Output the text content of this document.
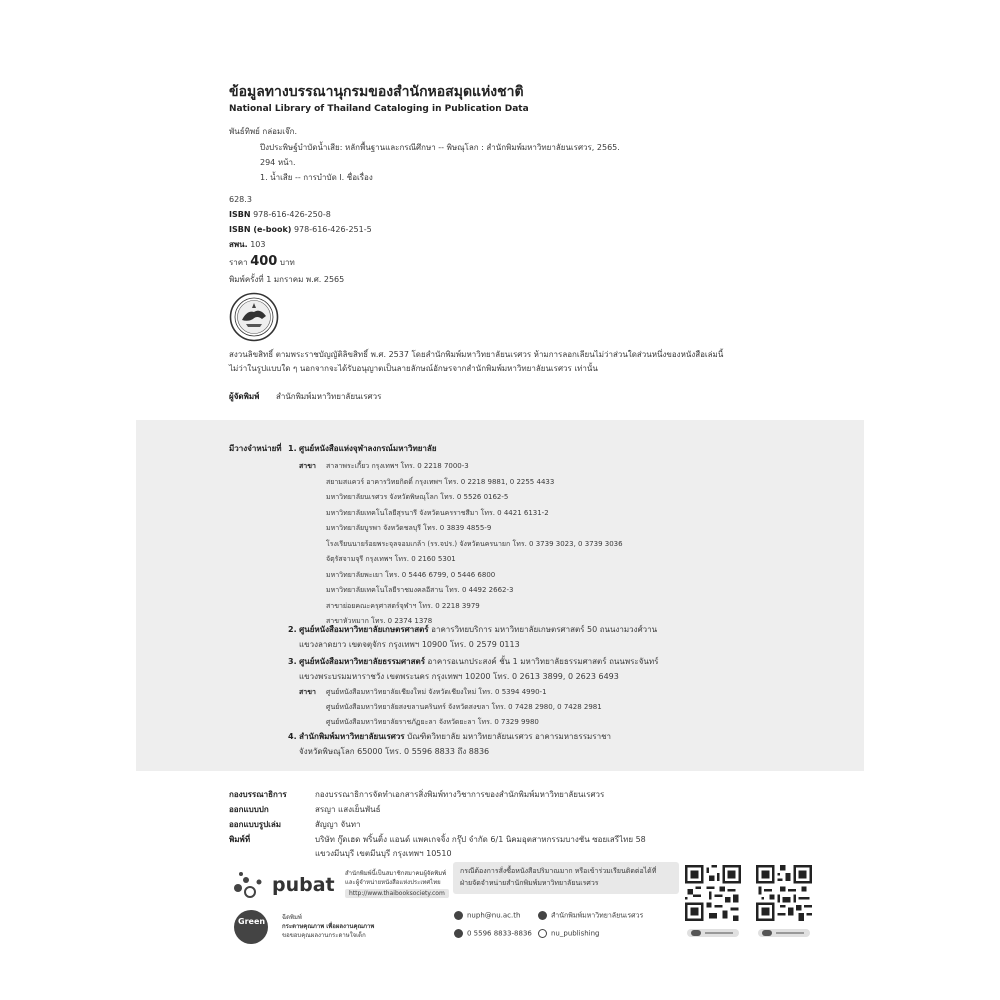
ข้อมูลทางบรรณานุกรมของสำนักหอสมุดแห่งชาติ
National Library of Thailand Cataloging in Publication Data
พันธ์ทิพย์ กล่อมเจ๊ก.
ปีงประพิษฐ์บำบัดน้ำเสีย: หลักพื้นฐานและกรณีศึกษา -- พิษณุโลก : สำนักพิมพ์มหาวิทยาลัยนเรศวร, 2565.
294 หน้า.
1. น้ำเสีย -- การบำบัด I. ชื่อเรื่อง
628.3
ISBN 978-616-426-250-8
ISBN (e-book) 978-616-426-251-5
สพน. 103
ราคา 400 บาท
พิมพ์ครั้งที่ 1 มกราคม พ.ศ. 2565
สงวนลิขสิทธิ์ ตามพระราชบัญญัติลิขสิทธิ์ พ.ศ. 2537 โดยสำนักพิมพ์มหาวิทยาลัยนเรศวร ห้ามการลอกเลียนไม่ว่าส่วนใดส่วนหนึ่งของหนังสือเล่มนี้
ไม่ว่าในรูปแบบใด ๆ นอกจากจะได้รับอนุญาตเป็นลายลักษณ์อักษรจากสำนักพิมพ์มหาวิทยาลัยนเรศวร เท่านั้น
ผู้จัดพิมพ์ สำนักพิมพ์มหาวิทยาลัยนเรศวร
มีวางจำหน่ายที่ 1. ศูนย์หนังสือแห่งจุฬาลงกรณ์มหาวิทยาลัย
สาขา สาลาพระเกี้ยว กรุงเทพฯ โทร. 0 2218 7000-3
สยามสแควร์ อาคารวิทยกิตติ์ กรุงเทพฯ โทร. 0 2218 9881, 0 2255 4433
มหาวิทยาลัยนเรศวร จังหวัดพิษณุโลก โทร. 0 5526 0162-5
มหาวิทยาลัยเทคโนโลยีสุรนารี จังหวัดนครราชสีมา โทร. 0 4421 6131-2
มหาวิทยาลัยบูรพา จังหวัดชลบุรี โทร. 0 3839 4855-9
โรงเรียนนายร้อยพระจุลจอมเกล้า (รร.จปร.) จังหวัดนครนายก โทร. 0 3739 3023, 0 3739 3036
จัตุรัสจามจุรี กรุงเทพฯ โทร. 0 2160 5301
มหาวิทยาลัยพะเยา โทร. 0 5446 6799, 0 5446 6800
มหาวิทยาลัยเทคโนโลยีราชมงคลอีสาน โทร. 0 4492 2662-3
สาขาย่อยคณะครุศาสตร์จุฬาฯ โทร. 0 2218 3979
สาขาหัวหมาก โทร. 0 2374 1378
2. ศูนย์หนังสือมหาวิทยาลัยเกษตรศาสตร์ อาคารวิทยบริการ มหาวิทยาลัยเกษตรศาสตร์ 50 ถนนงามวงศ์วาน
แขวงลาดยาว เขตจตุจักร กรุงเทพฯ 10900 โทร. 0 2579 0113
3. ศูนย์หนังสือมหาวิทยาลัยธรรมศาสตร์ อาคารอเนกประสงค์ ชั้น 1 มหาวิทยาลัยธรรมศาสตร์ ถนนพระจันทร์
แขวงพระบรมมหาราชวัง เขตพระนคร กรุงเทพฯ 10200 โทร. 0 2613 3899, 0 2623 6493
สาขา ศูนย์หนังสือมหาวิทยาลัยเชียงใหม่ จังหวัดเชียงใหม่ โทร. 0 5394 4990-1
ศูนย์หนังสือมหาวิทยาลัยสงขลานครินทร์ จังหวัดสงขลา โทร. 0 7428 2980, 0 7428 2981
ศูนย์หนังสือมหาวิทยาลัยราชภัฏยะลา จังหวัดยะลา โทร. 0 7329 9980
4. สำนักพิมพ์มหาวิทยาลัยนเรศวร บัณฑิตวิทยาลัย มหาวิทยาลัยนเรศวร อาคารมหาธรรมราชา
จังหวัดพิษณุโลก 65000 โทร. 0 5596 8833 ถึง 8836
กองบรรณาธิการ	กองบรรณาธิการจัดทำเอกสารสิ่งพิมพ์ทางวิชาการของสำนักพิมพ์มหาวิทยาลัยนเรศวร
ออกแบบปก	สรญา แสงเย็นพันธ์
ออกแบบรูปเล่ม	สัญญา จันทา
พิมพ์ที่	บริษัท กู๊ดเฮด พริ้นติ้ง แอนด์ แพคเกจจิ้ง กรุ๊ป จำกัด 6/1 นิคมอุตสาหกรรมบางชัน ซอยเสรีไทย 58
แขวงมีนบุรี เขตมีนบุรี กรุงเทพฯ 10510
pubat
สำนักพิมพ์นี้เป็นสมาชิกสมาคมผู้จัดพิมพ์
และผู้จำหน่ายหนังสือแห่งประเทศไทย
http://www.thaibooksociety.com
Green Read
ฉีดพิมพ์
กระดาษคุณภาพ เพื่อผลงานคุณภาพ
ขอขอบคุณผลงานกระดาษใจเด็ก
กรณีต้องการสั่งซื้อหนังสือปริมาณมาก หรือเข้าร่วมเรียนติดต่อได้ที่
ฝ่ายจัดจำหน่ายสำนักพิมพ์มหาวิทยาลัยนเรศวร
nuph@nu.ac.th	สำนักพิมพ์มหาวิทยาลัยนเรศวร
0 5596 8833-8836	nu_publishing
